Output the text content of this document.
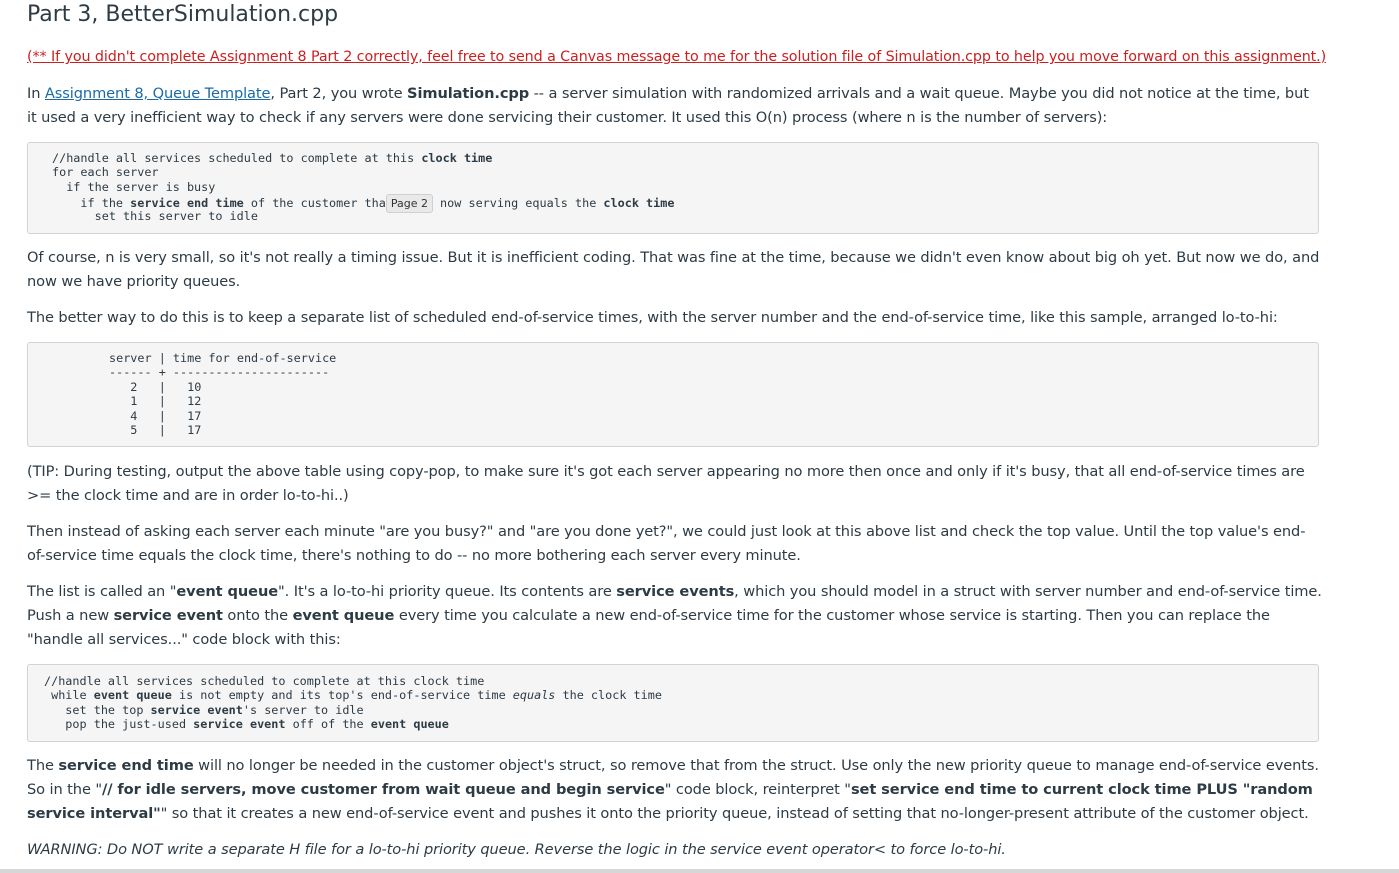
Part 3, BetterSimulation.cpp
(** If you didn't complete Assignment 8 Part 2 correctly, feel free to send a Canvas message to me for the solution file of Simulation.cpp to help you move forward on this assignment.)
In Assignment 8, Queue Template, Part 2, you wrote Simulation.cpp -- a server simulation with randomized arrivals and a wait queue. Maybe you did not notice at the time, but it used a very inefficient way to check if any servers were done servicing their customer. It used this O(n) process (where n is the number of servers):
//handle all services scheduled to complete at this clock time
for each server
if the server is busy
if the service end time of the customer tha Page 2 now serving equals the clock time
set this server to idle
Of course, n is very small, so it's not really a timing issue. But it is inefficient coding. That was fine at the time, because we didn't even know about big oh yet. But now we do, and now we have priority queues.
The better way to do this is to keep a separate list of scheduled end-of-service times, with the server number and the end-of-service time, like this sample, arranged lo-to-hi:
server | time for end-of-service
------ + ----------------------
2   |   10
1   |   12
4   |   17
5   |   17
(TIP: During testing, output the above table using copy-pop, to make sure it's got each server appearing no more then once and only if it's busy, that all end-of-service times are >= the clock time and are in order lo-to-hi..)
Then instead of asking each server each minute "are you busy?" and "are you done yet?", we could just look at this above list and check the top value. Until the top value's end-of-service time equals the clock time, there's nothing to do -- no more bothering each server every minute.
The list is called an "event queue". It's a lo-to-hi priority queue. Its contents are service events, which you should model in a struct with server number and end-of-service time. Push a new service event onto the event queue every time you calculate a new end-of-service time for the customer whose service is starting. Then you can replace the "handle all services..." code block with this:
//handle all services scheduled to complete at this clock time
while event queue is not empty and its top's end-of-service time equals the clock time
set the top service event's server to idle
pop the just-used service event off of the event queue
The service end time will no longer be needed in the customer object's struct, so remove that from the struct. Use only the new priority queue to manage end-of-service events. So in the "// for idle servers, move customer from wait queue and begin service" code block, reinterpret "set service end time to current clock time PLUS "random service interval"" so that it creates a new end-of-service event and pushes it onto the priority queue, instead of setting that no-longer-present attribute of the customer object.
WARNING: Do NOT write a separate H file for a lo-to-hi priority queue. Reverse the logic in the service event operator< to force lo-to-hi.
